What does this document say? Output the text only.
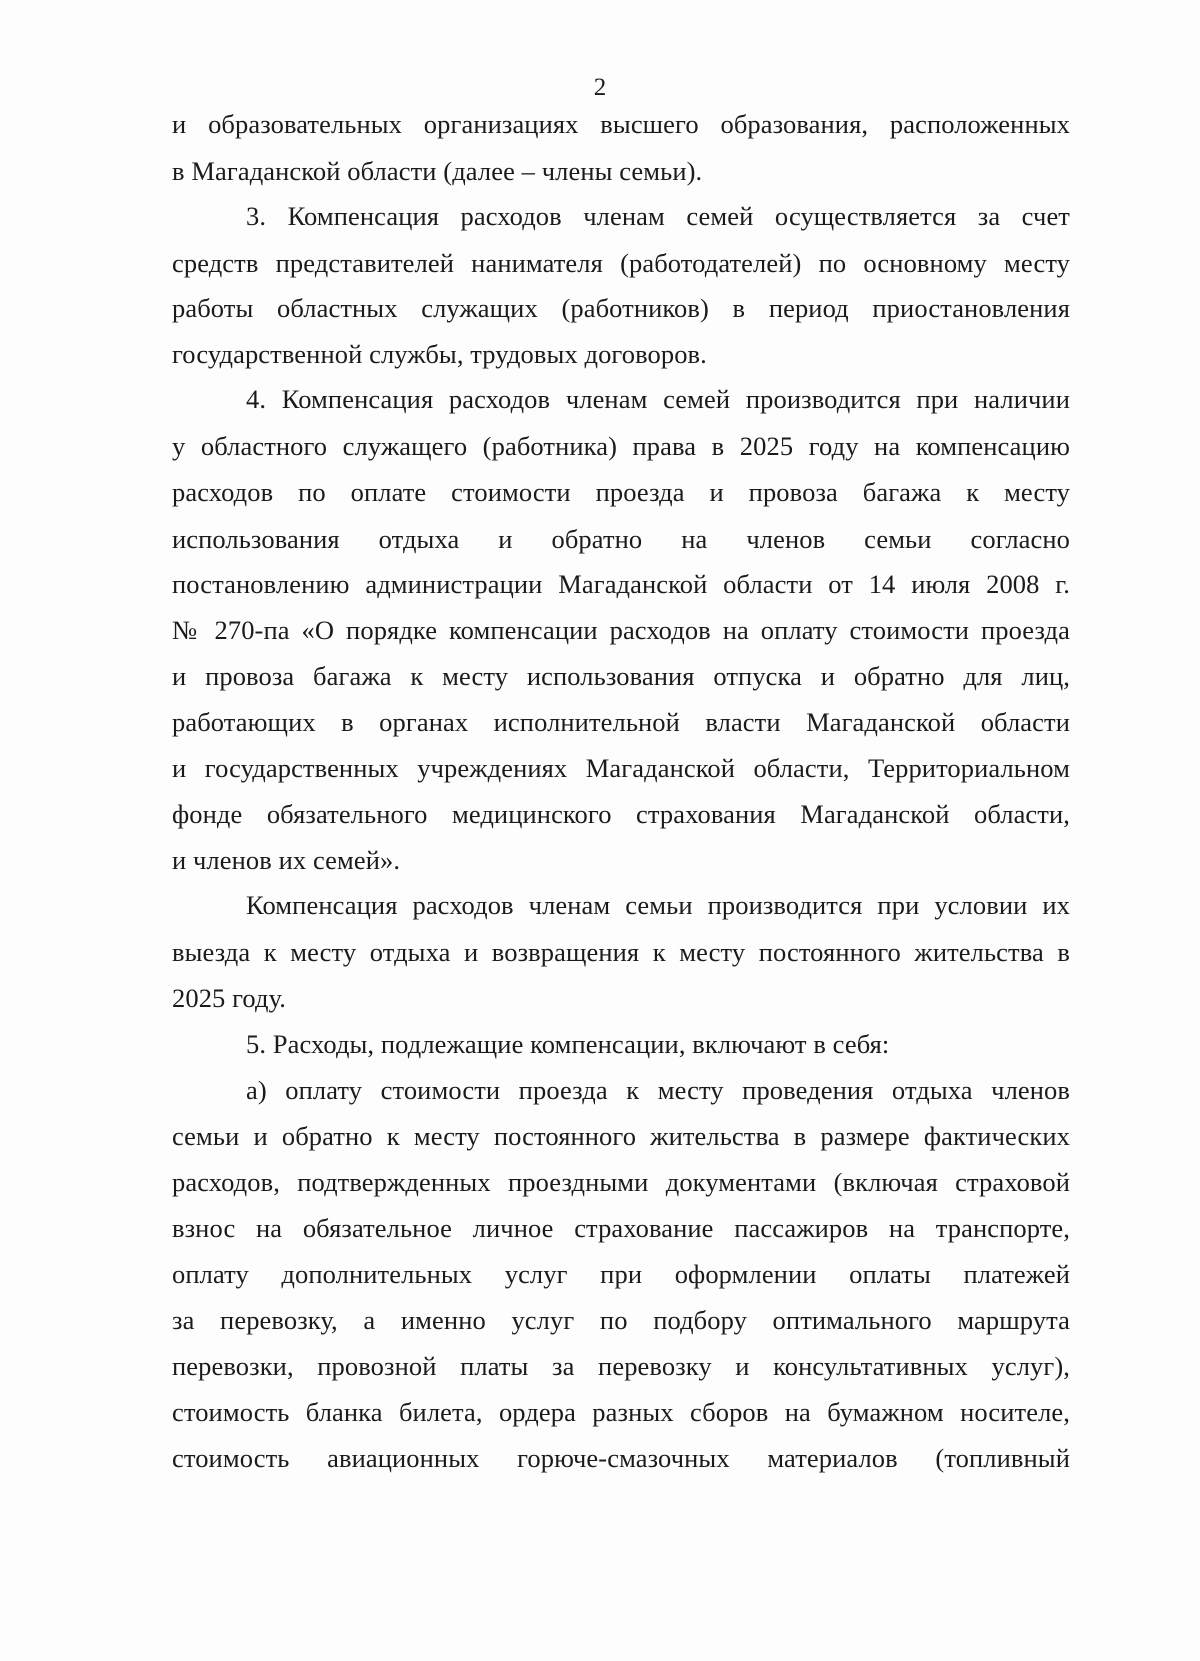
2
и образовательных организациях высшего образования, расположенных
в Магаданской области (далее – члены семьи).
3. Компенсация расходов членам семей осуществляется за счет
средств представителей нанимателя (работодателей) по основному месту
работы областных служащих (работников) в период приостановления
государственной службы, трудовых договоров.
4. Компенсация расходов членам семей производится при наличии
у областного служащего (работника) права в 2025 году на компенсацию
расходов по оплате стоимости проезда и провоза багажа к месту
использования отдыха и обратно на членов семьи согласно
постановлению администрации Магаданской области от 14 июля 2008 г.
№ 270-па «О порядке компенсации расходов на оплату стоимости проезда
и провоза багажа к месту использования отпуска и обратно для лиц,
работающих в органах исполнительной власти Магаданской области
и государственных учреждениях Магаданской области, Территориальном
фонде обязательного медицинского страхования Магаданской области,
и членов их семей».
Компенсация расходов членам семьи производится при условии их
выезда к месту отдыха и возвращения к месту постоянного жительства в
2025 году.
5. Расходы, подлежащие компенсации, включают в себя:
а) оплату стоимости проезда к месту проведения отдыха членов
семьи и обратно к месту постоянного жительства в размере фактических
расходов, подтвержденных проездными документами (включая страховой
взнос на обязательное личное страхование пассажиров на транспорте,
оплату дополнительных услуг при оформлении оплаты платежей
за перевозку, а именно услуг по подбору оптимального маршрута
перевозки, провозной платы за перевозку и консультативных услуг),
стоимость бланка билета, ордера разных сборов на бумажном носителе,
стоимость авиационных горюче-смазочных материалов (топливный
